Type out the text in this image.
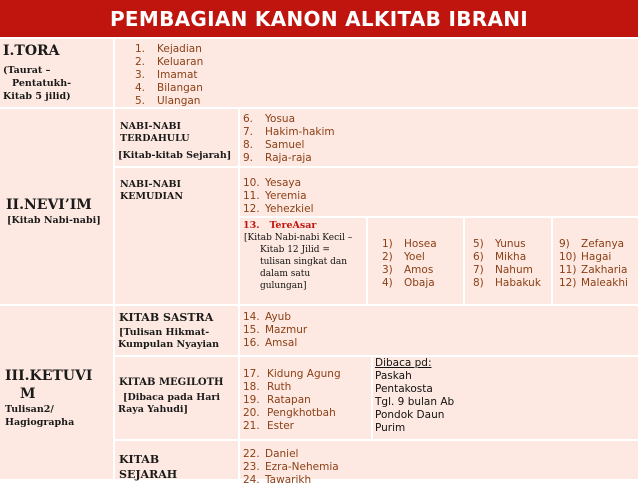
PEMBAGIAN KANON ALKITAB IBRANI
I.TORA
(Taurat –
Pentatukh-
Kitab 5 jilid)
1. Kejadian
2. Keluaran
3. Imamat
4. Bilangan
5. Ulangan
II.NEVI’IM
[Kitab Nabi-nabi]
NABI-NABI
TERDAHULU
[Kitab-kitab Sejarah]
6. Yosua
7. Hakim-hakim
8. Samuel
9. Raja-raja
NABI-NABI
KEMUDIAN
10. Yesaya
11. Yeremia
12. Yehezkiel
13.   TereAsar
[Kitab Nabi-nabi Kecil –
Kitab 12 Jilid =
tulisan singkat dan
dalam satu
gulungan]
1) Hosea
2) Yoel
3) Amos
4) Obaja
5) Yunus
6) Mikha
7) Nahum
8) Habakuk
9) Zefanya
10) Hagai
11) Zakharia
12) Maleakhi
III.KETUVI
M
Tulisan2/
Hagiographa
KITAB SASTRA
[Tulisan Hikmat-
Kumpulan Nyayian
14. Ayub
15. Mazmur
16. Amsal
KITAB MEGILOTH
[Dibaca pada Hari
Raya Yahudi]
17. Kidung Agung
18. Ruth
19. Ratapan
20. Pengkhotbah
21. Ester
Dibaca pd:
Paskah
Pentakosta
Tgl. 9 bulan Ab
Pondok Daun
Purim
KITAB
SEJARAH
22. Daniel
23. Ezra-Nehemia
24. Tawarikh
